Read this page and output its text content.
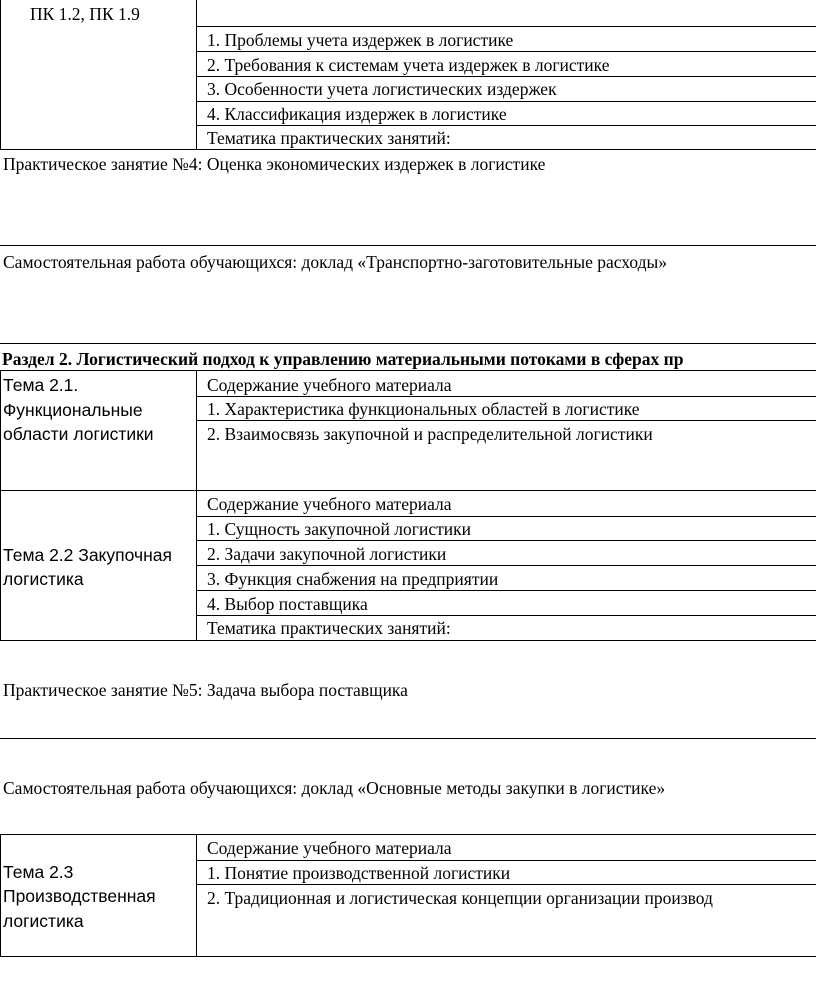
ПК 1.2, ПК 1.9
1. Проблемы учета издержек в логистике
2. Требования к системам учета издержек в логистике
3. Особенности учета логистических издержек
4. Классификация издержек в логистике
Тематика практических занятий:
Практическое занятие №4: Оценка экономических издержек в логистике
Самостоятельная работа обучающихся: доклад «Транспортно-заготовительные расходы»
Раздел 2. Логистический подход к управлению материальными потоками в сферах пр
Тема 2.1.
Функциональные
области логистики
Содержание учебного материала
1. Характеристика функциональных областей в логистике
2. Взаимосвязь закупочной и распределительной логистики
Содержание учебного материала
1. Сущность закупочной логистики
2. Задачи закупочной логистики
3. Функция снабжения на предприятии
4. Выбор поставщика
Тематика практических занятий:
Тема 2.2 Закупочная
логистика
Практическое занятие №5: Задача выбора поставщика
Самостоятельная работа обучающихся: доклад «Основные методы закупки в логистике»
Содержание учебного материала
1. Понятие производственной логистики
2. Традиционная и логистическая концепции организации производ
Тема 2.3
Производственная
логистика
